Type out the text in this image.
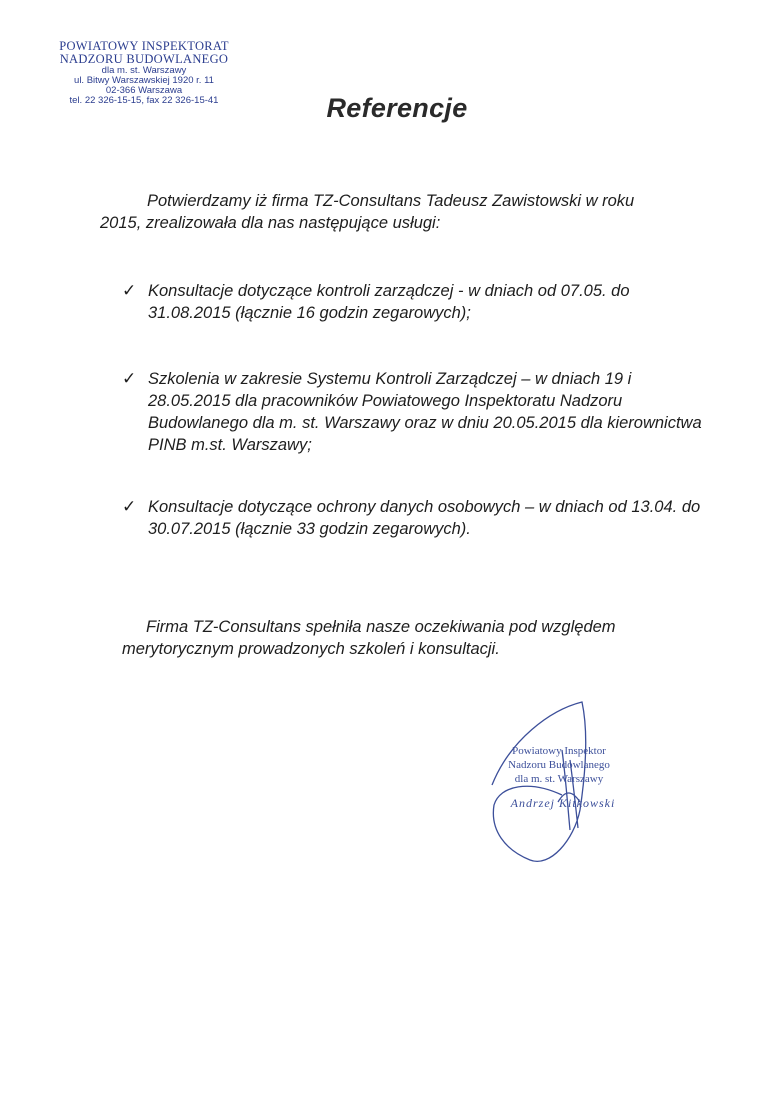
POWIATOWY INSPEKTORAT
NADZORU BUDOWLANEGO
dla m. st. Warszawy
ul. Bitwy Warszawskiej 1920 r. 11
02-366 Warszawa
tel. 22 326-15-15, fax 22 326-15-41	Referencje
Potwierdzamy iż firma TZ-Consultans Tadeusz Zawistowski w roku 2015, zrealizowała dla nas następujące usługi:
✓ Konsultacje dotyczące kontroli zarządczej - w dniach od 07.05. do 31.08.2015 (łącznie 16 godzin zegarowych);
✓ Szkolenia w zakresie Systemu Kontroli Zarządczej – w dniach 19 i 28.05.2015 dla pracowników Powiatowego Inspektoratu Nadzoru Budowlanego dla m. st. Warszawy oraz w dniu 20.05.2015 dla kierownictwa PINB m.st. Warszawy;
✓ Konsultacje dotyczące ochrony danych osobowych – w dniach od 13.04. do 30.07.2015 (łącznie 33 godzin zegarowych).
Firma TZ-Consultans spełniła nasze oczekiwania pod względem merytorycznym prowadzonych szkoleń i konsultacji.
Powiatowy Inspektor
Nadzoru Budowlanego
dla m. st. Warszawy
Andrzej Kitkowski
